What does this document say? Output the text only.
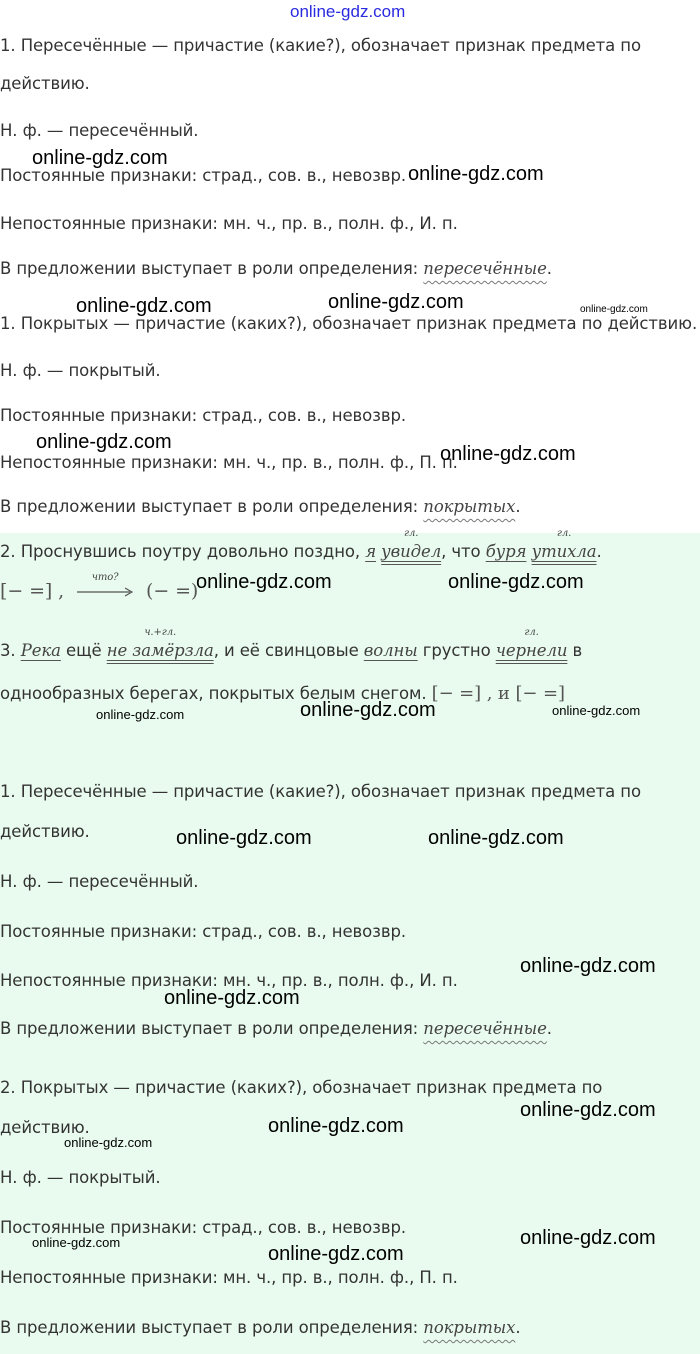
online-gdz.com
1. Пересечённые — причастие (какие?), обозначает признак предмета по
действию.
Н. ф. — пересечённый.
Постоянные признаки: страд., сов. в., невозвр.
Непостоянные признаки: мн. ч., пр. в., полн. ф., И. п.
В предложении выступает в роли определения: пересечённые.
1. Покрытых — причастие (каких?), обозначает признак предмета по действию.
Н. ф. — покрытый.
Постоянные признаки: страд., сов. в., невозвр.
Непостоянные признаки: мн. ч., пр. в., полн. ф., П. п.
В предложении выступает в роли определения: покрытых.
2. Проснувшись поутру довольно поздно, я
гл.
увидел, что буря
гл.
утихла.
[− =] ,
что?
(− =)
3. Река ещё
ч.+гл.
не замёрзла, и её свинцовые волны грустно
гл.
чернели в
однообразных берегах, покрытых белым снегом. [− =] , и [− =]
1. Пересечённые — причастие (какие?), обозначает признак предмета по
действию.
Н. ф. — пересечённый.
Постоянные признаки: страд., сов. в., невозвр.
Непостоянные признаки: мн. ч., пр. в., полн. ф., И. п.
В предложении выступает в роли определения: пересечённые.
2. Покрытых — причастие (каких?), обозначает признак предмета по
действию.
Н. ф. — покрытый.
Постоянные признаки: страд., сов. в., невозвр.
Непостоянные признаки: мн. ч., пр. в., полн. ф., П. п.
В предложении выступает в роли определения: покрытых.
online-gdz.com
online-gdz.com
online-gdz.com	online-gdz.com	online-gdz.com
online-gdz.com
online-gdz.com
online-gdz.com	online-gdz.com
online-gdz.com	online-gdz.com	online-gdz.com
online-gdz.com	online-gdz.com
online-gdz.com
online-gdz.com
online-gdz.com
online-gdz.com
online-gdz.com
online-gdz.com	online-gdz.com
online-gdz.com
